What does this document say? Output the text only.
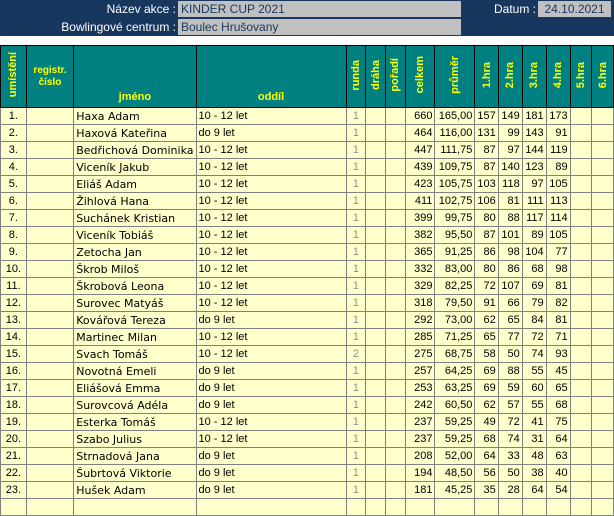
Název akce : KINDER CUP 2021
Bowlingové centrum : Boulec Hrušovany
Datum : 24.10.2021
umístění	registr. číslo	jméno	oddíl	runda	dráha	pořadí	celkem	průměr	1.hra	2.hra	3.hra	4.hra	5.hra	6.hra
1.		Haxa Adam	10 - 12 let	1			660	165,00	157	149	181	173		
2.		Haxová Kateřina	do 9 let	1			464	116,00	131	99	143	91		
3.		Bedřichová Dominika	10 - 12 let	1			447	111,75	87	97	144	119		
4.		Viceník Jakub	10 - 12 let	1			439	109,75	87	140	123	89		
5.		Eliáš Adam	10 - 12 let	1			423	105,75	103	118	97	105		
6.		Žihlová Hana	10 - 12 let	1			411	102,75	106	81	111	113		
7.		Suchánek Kristian	10 - 12 let	1			399	99,75	80	88	117	114		
8.		Viceník Tobiáš	10 - 12 let	1			382	95,50	87	101	89	105		
9.		Zetocha Jan	10 - 12 let	1			365	91,25	86	98	104	77		
10.		Škrob Miloš	10 - 12 let	1			332	83,00	80	86	68	98		
11.		Škrobová Leona	10 - 12 let	1			329	82,25	72	107	69	81		
12.		Surovec Matyáš	10 - 12 let	1			318	79,50	91	66	79	82		
13.		Kovářová Tereza	do 9 let	1			292	73,00	62	65	84	81		
14.		Martinec Milan	10 - 12 let	1			285	71,25	65	77	72	71		
15.		Svach Tomáš	10 - 12 let	2			275	68,75	58	50	74	93		
16.		Novotná Emeli	do 9 let	1			257	64,25	69	88	55	45		
17.		Eliášová Emma	do 9 let	1			253	63,25	69	59	60	65		
18.		Surovcová Adéla	do 9 let	1			242	60,50	62	57	55	68		
19.		Esterka Tomáš	10 - 12 let	1			237	59,25	49	72	41	75		
20.		Szabo Julius	10 - 12 let	1			237	59,25	68	74	31	64		
21.		Strnadová Jana	do 9 let	1			208	52,00	64	33	48	63		
22.		Šubrtová Viktorie	do 9 let	1			194	48,50	56	50	38	40		
23.		Hušek Adam	do 9 let	1			181	45,25	35	28	64	54		
